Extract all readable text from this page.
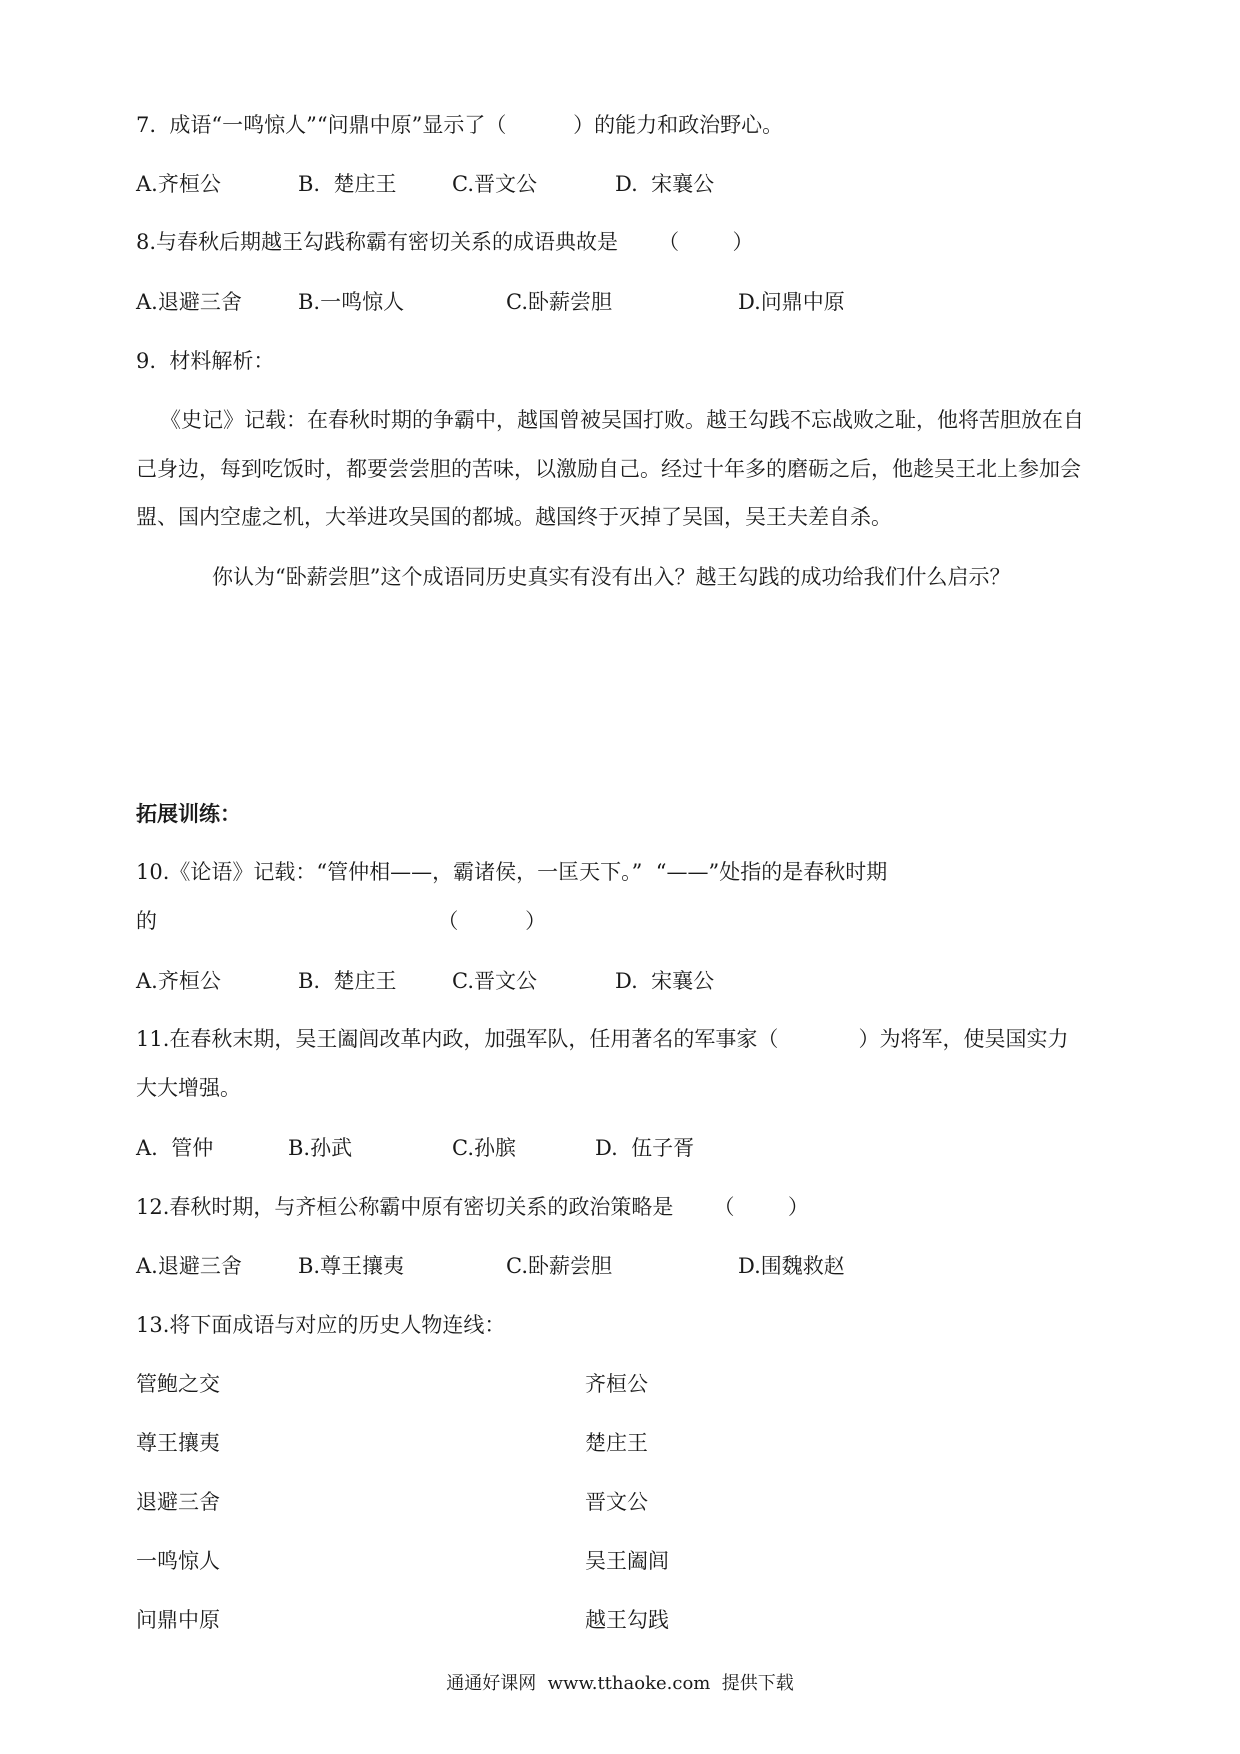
7.  成语“一鸣惊人”“问鼎中原”显示了（          ）的能力和政治野心。
A.齐桓公	B.  楚庄王	C.晋文公	D.  宋襄公
8.与春秋后期越王勾践称霸有密切关系的成语典故是      （        ）
A.退避三舍	B.一鸣惊人	C.卧薪尝胆	D.问鼎中原
9.  材料解析：
《史记》记载：在春秋时期的争霸中，越国曾被吴国打败。越王勾践不忘战败之耻，他将苦胆放在自
己身边，每到吃饭时，都要尝尝胆的苦味，以激励自己。经过十年多的磨砺之后，他趁吴王北上参加会
盟、国内空虚之机，大举进攻吴国的都城。越国终于灭掉了吴国，吴王夫差自杀。
你认为“卧薪尝胆”这个成语同历史真实有没有出入？越王勾践的成功给我们什么启示？
拓展训练：
10.《论语》记载：“管仲相——，霸诸侯，一匡天下。”  “——”处指的是春秋时期
的                                          （          ）
A.齐桓公	B.  楚庄王	C.晋文公	D.  宋襄公
11.在春秋末期，吴王阖闾改革内政，加强军队，任用著名的军事家（            ）为将军，使吴国实力
大大增强。
A.  管仲	B.孙武	C.孙膑	D.  伍子胥
12.春秋时期，与齐桓公称霸中原有密切关系的政治策略是      （        ）
A.退避三舍	B.尊王攘夷	C.卧薪尝胆	D.围魏救赵
13.将下面成语与对应的历史人物连线：
管鲍之交	齐桓公
尊王攘夷	楚庄王
退避三舍	晋文公
一鸣惊人	吴王阖闾
问鼎中原	越王勾践
通通好课网  www.tthaoke.com  提供下载
